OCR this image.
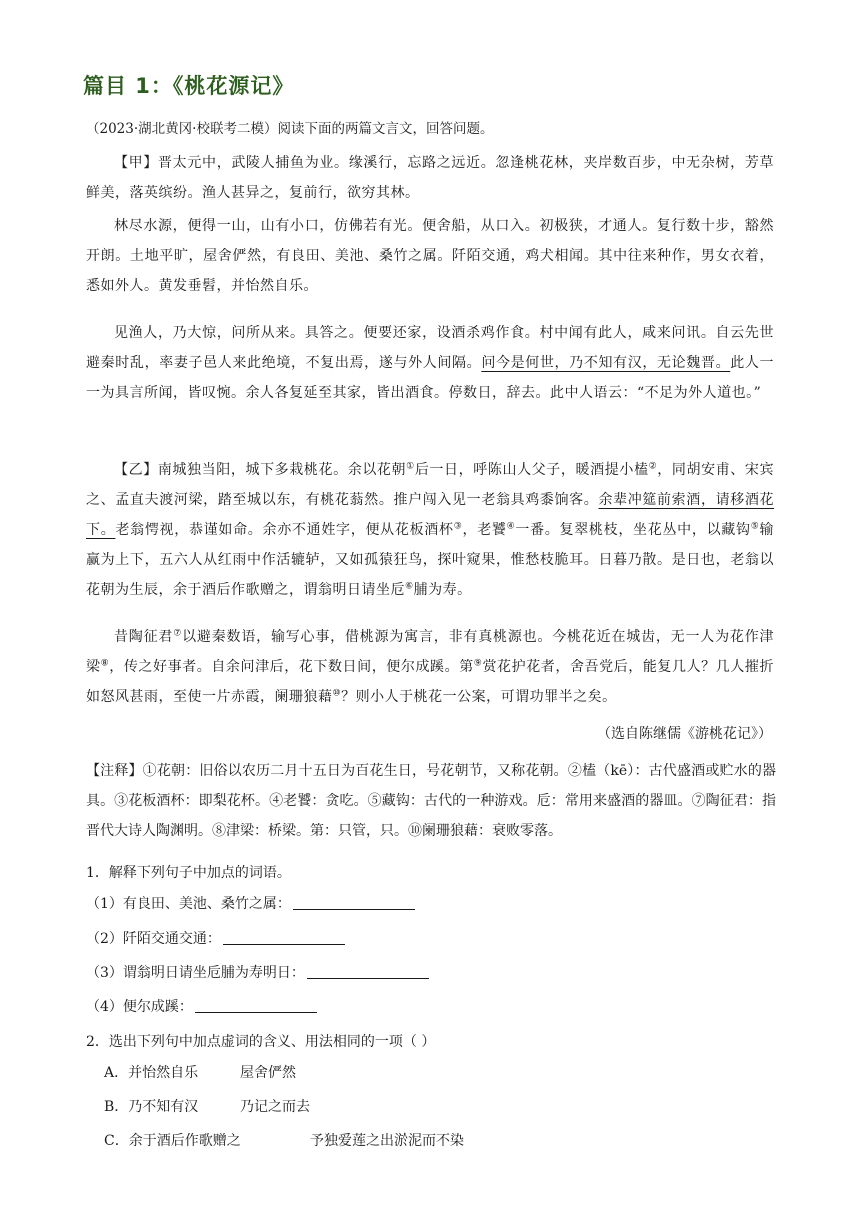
篇目 1：《桃花源记》
（2023·湖北黄冈·校联考二模）阅读下面的两篇文言文，回答问题。

【甲】晋太元中，武陵人捕鱼为业。缘溪行，忘路之远近。忽逢桃花林，夹岸数百步，中无杂树，芳草鲜美，落英缤纷。渔人甚异之，复前行，欲穷其林。

林尽水源，便得一山，山有小口，仿佛若有光。便舍船，从口入。初极狭，才通人。复行数十步，豁然开朗。土地平旷，屋舍俨然，有良田、美池、桑竹之属。阡陌交通，鸡犬相闻。其中往来种作，男女衣着，悉如外人。黄发垂髫，并怡然自乐。

见渔人，乃大惊，问所从来。具答之。便要还家，设酒杀鸡作食。村中闻有此人，咸来问讯。自云先世避秦时乱，率妻子邑人来此绝境，不复出焉，遂与外人间隔。问今是何世，乃不知有汉，无论魏晋。此人一一为具言所闻，皆叹惋。余人各复延至其家，皆出酒食。停数日，辞去。此中人语云：“不足为外人道也。”

【乙】南城独当阳，城下多栽桃花。余以花朝①后一日，呼陈山人父子，暖酒提小榼②，同胡安甫、宋宾之、孟直夫渡河梁，踏至城以东，有桃花蓊然。推户闯入见一老翁具鸡黍饷客。余辈冲筵前索酒，请移酒花下。老翁愕视，恭谨如命。余亦不通姓字，便从花板酒杯③，老饕④一番。复翠桃枝，坐花丛中，以藏钩⑤输赢为上下，五六人从红雨中作活辘轳，又如孤猿狂鸟，探叶窥果，惟愁枝脆耳。日暮乃散。是日也，老翁以花朝为生辰，余于酒后作歌赠之，谓翁明日请坐卮⑥脯为寿。

昔陶征君⑦以避秦数语，输写心事，借桃源为寓言，非有真桃源也。今桃花近在城齿，无一人为花作津梁⑧，传之好事者。自余问津后，花下数日间，便尔成蹊。第⑨赏花护花者，舍吾党后，能复几人？几人摧折如怒风甚雨，至使一片赤霞，阑珊狼藉⑩？则小人于桃花一公案，可谓功罪半之矣。

（选自陈继儒《游桃花记》）

【注释】①花朝：旧俗以农历二月十五日为百花生日，号花朝节，又称花朝。②榼（kē）：古代盛酒或贮水的器具。③花板酒杯：即梨花杯。④老饕：贪吃。⑤藏钩：古代的一种游戏。卮：常用来盛酒的器皿。⑦陶征君：指晋代大诗人陶渊明。⑧津梁：桥梁。第：只管，只。⑩阑珊狼藉：衰败零落。

1．解释下列句子中加点的词语。
（1）有良田、美池、桑竹之属：
（2）阡陌交通交通：
（3）谓翁明日请坐卮脯为寿明日：
（4）便尔成蹊：
2．选出下列句中加点虚词的含义、用法相同的一项（ ）
A．并怡然自乐	屋舍俨然
B．乃不知有汉	乃记之而去
C．余于酒后作歌赠之	予独爱莲之出淤泥而不染
